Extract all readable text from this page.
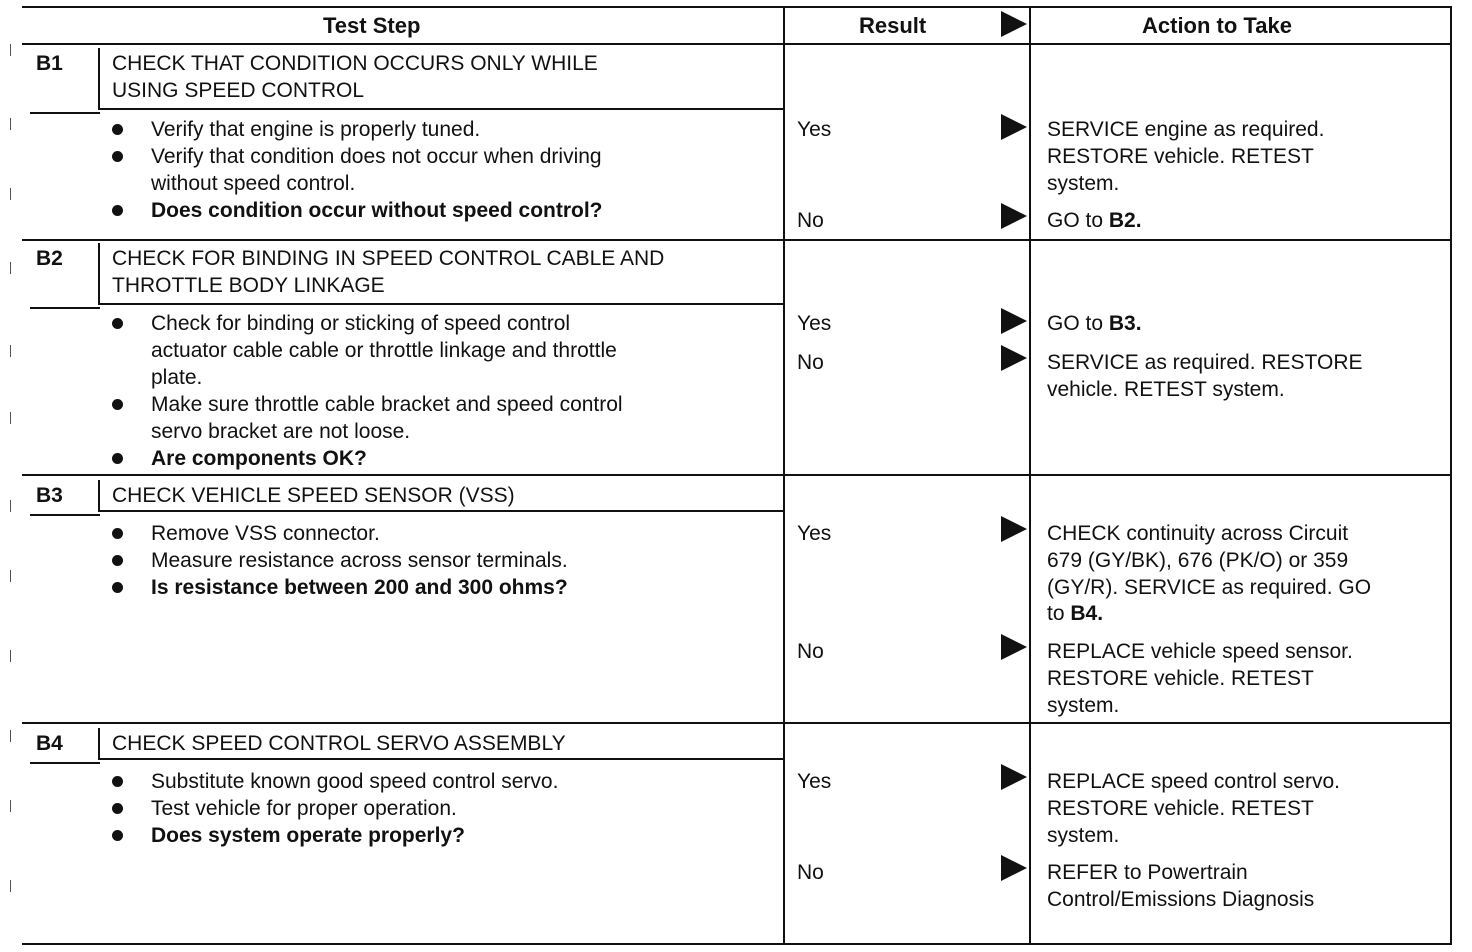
Test Step	Result	Action to Take
B1 CHECK THAT CONDITION OCCURS ONLY WHILE
USING SPEED CONTROL
Verify that engine is properly tuned.
Verify that condition does not occur when driving
without speed control.
Does condition occur without speed control?
Yes	SERVICE engine as required.
RESTORE vehicle. RETEST
system.
No	GO to B2.
B2 CHECK FOR BINDING IN SPEED CONTROL CABLE AND
THROTTLE BODY LINKAGE
Check for binding or sticking of speed control
actuator cable cable or throttle linkage and throttle
plate.
Make sure throttle cable bracket and speed control
servo bracket are not loose.
Are components OK?
Yes	GO to B3.
No	SERVICE as required. RESTORE
vehicle. RETEST system.
B3 CHECK VEHICLE SPEED SENSOR (VSS)
Remove VSS connector.
Measure resistance across sensor terminals.
Is resistance between 200 and 300 ohms?
Yes	CHECK continuity across Circuit
679 (GY/BK), 676 (PK/O) or 359
(GY/R). SERVICE as required. GO
to B4.
No	REPLACE vehicle speed sensor.
RESTORE vehicle. RETEST
system.
B4 CHECK SPEED CONTROL SERVO ASSEMBLY
Substitute known good speed control servo.
Test vehicle for proper operation.
Does system operate properly?
Yes	REPLACE speed control servo.
RESTORE vehicle. RETEST
system.
No	REFER to Powertrain
Control/Emissions Diagnosis
